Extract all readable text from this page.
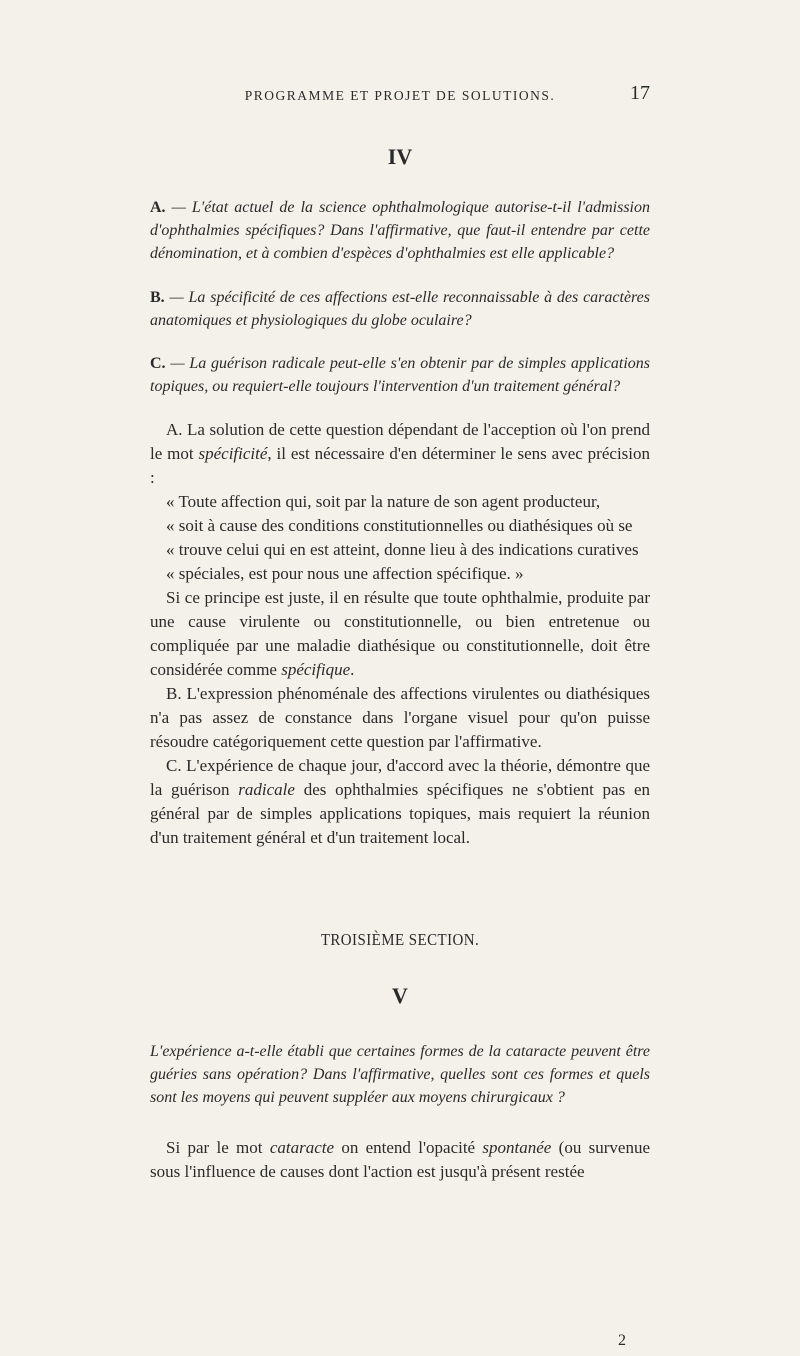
PROGRAMME ET PROJET DE SOLUTIONS.	17
IV
A. — L'état actuel de la science ophthalmologique autorise-t-il l'admission d'ophthalmies spécifiques? Dans l'affirmative, que faut-il entendre par cette dénomination, et à combien d'espèces d'ophthalmies est elle applicable?
B. — La spécificité de ces affections est-elle reconnaissable à des caractères anatomiques et physiologiques du globe oculaire?
C. — La guérison radicale peut-elle s'en obtenir par de simples applications topiques, ou requiert-elle toujours l'intervention d'un traitement général?

A. La solution de cette question dépendant de l'acception où l'on prend le mot spécificité, il est nécessaire d'en déterminer le sens avec précision :

« Toute affection qui, soit par la nature de son agent producteur,
« soit à cause des conditions constitutionnelles ou diathésiques où se
« trouve celui qui en est atteint, donne lieu à des indications curatives
« spéciales, est pour nous une affection spécifique. »

Si ce principe est juste, il en résulte que toute ophthalmie, produite par une cause virulente ou constitutionnelle, ou bien entretenue ou compliquée par une maladie diathésique ou constitutionnelle, doit être considérée comme spécifique.

B. L'expression phénoménale des affections virulentes ou diathésiques n'a pas assez de constance dans l'organe visuel pour qu'on puisse résoudre catégoriquement cette question par l'affirmative.

C. L'expérience de chaque jour, d'accord avec la théorie, démontre que la guérison radicale des ophthalmies spécifiques ne s'obtient pas en général par de simples applications topiques, mais requiert la réunion d'un traitement général et d'un traitement local.

TROISIÈME SECTION.
V
L'expérience a-t-elle établi que certaines formes de la cataracte peuvent être guéries sans opération? Dans l'affirmative, quelles sont ces formes et quels sont les moyens qui peuvent suppléer aux moyens chirurgicaux ?

Si par le mot cataracte on entend l'opacité spontanée (ou survenue sous l'influence de causes dont l'action est jusqu'à présent restée

2
